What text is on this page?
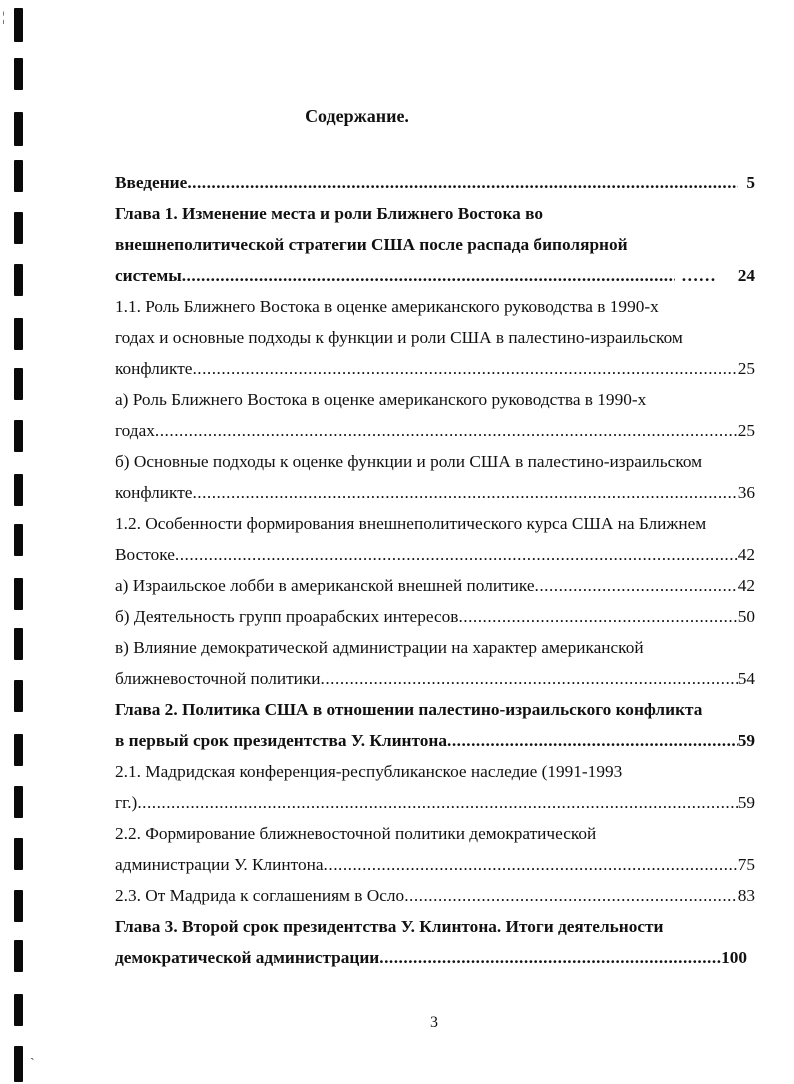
¦
ˎ
Содержание.
Введение .....	5
Глава 1. Изменение места и роли Ближнего Востока во
внешнеполитической стратегии США после распада биполярной
системы .....	…… 24
1.1. Роль Ближнего Востока в оценке американского руководства в 1990-х
годах и основные подходы к функции и роли США в палестино-израильском
конфликте .....	25
а) Роль Ближнего Востока в оценке американского руководства в 1990-х
годах .....	25
б) Основные подходы к оценке функции и роли США в палестино-израильском
конфликте .....	36
1.2. Особенности формирования внешнеполитического курса США на Ближнем
Востоке .....	42
а) Израильское лобби в американской внешней политике .....	42
б) Деятельность групп проарабских интересов .....	50
в) Влияние демократической администрации на характер американской
ближневосточной политики .....	54
Глава 2. Политика США в отношении палестино-израильского конфликта
в первый срок президентства У. Клинтона .....	59
2.1. Мадридская конференция-республиканское наследие (1991-1993
гг.) .....	59
2.2. Формирование ближневосточной политики демократической
администрации У. Клинтона .....	75
2.3. От Мадрида к соглашениям в Осло .....	83
Глава 3. Второй срок президентства У. Клинтона. Итоги деятельности
демократической администрации .....	100
3
